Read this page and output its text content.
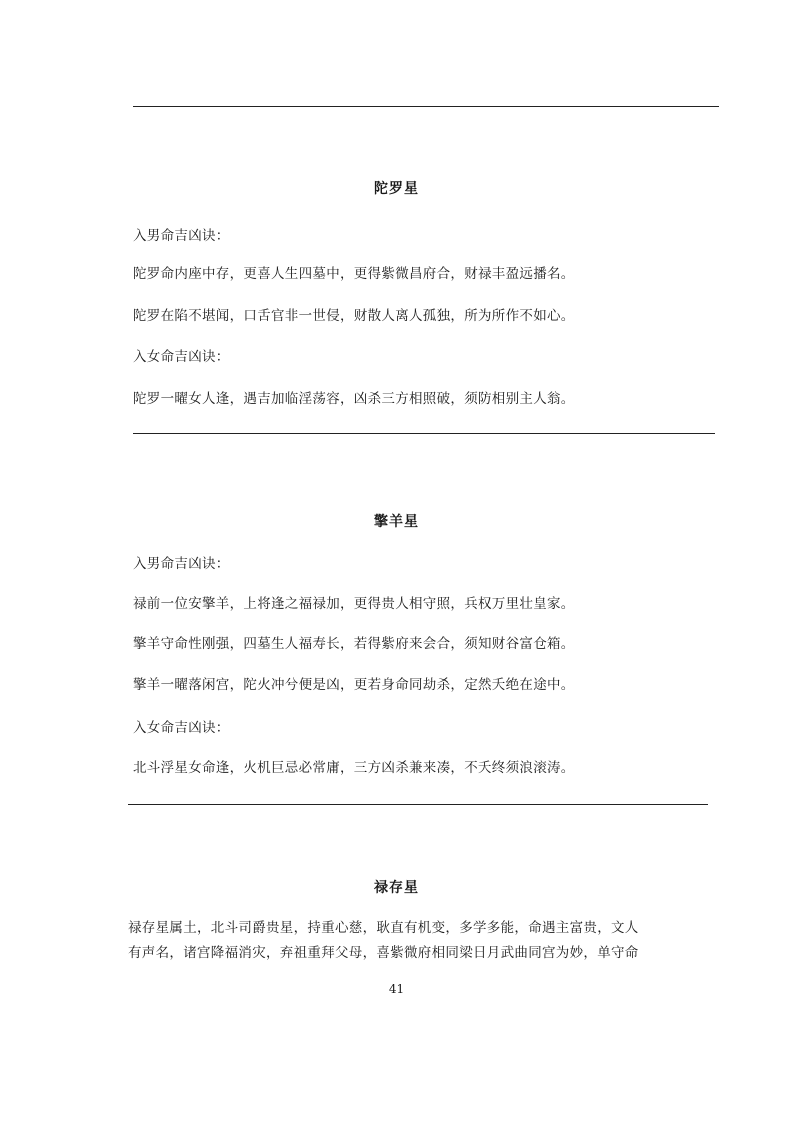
陀罗星
入男命吉凶诀：
陀罗命内座中存，更喜人生四墓中，更得紫微昌府合，财禄丰盈远播名。
陀罗在陷不堪闻，口舌官非一世侵，财散人离人孤独，所为所作不如心。
入女命吉凶诀：
陀罗一曜女人逢，遇吉加临淫荡容，凶杀三方相照破，须防相别主人翁。
擎羊星
入男命吉凶诀：
禄前一位安擎羊，上将逢之福禄加，更得贵人相守照，兵权万里壮皇家。
擎羊守命性刚强，四墓生人福寿长，若得紫府来会合，须知财谷富仓箱。
擎羊一曜落闲宫，陀火冲兮便是凶，更若身命同劫杀，定然夭绝在途中。
入女命吉凶诀：
北斗浮星女命逢，火机巨忌必常庸，三方凶杀兼来凑，不夭终须浪滚涛。
禄存星
禄存星属土，北斗司爵贵星，持重心慈，耿直有机变，多学多能，命遇主富贵，文人
有声名，诸宫降福消灾，弃祖重拜父母，喜紫微府相同梁日月武曲同宫为妙，单守命
41
